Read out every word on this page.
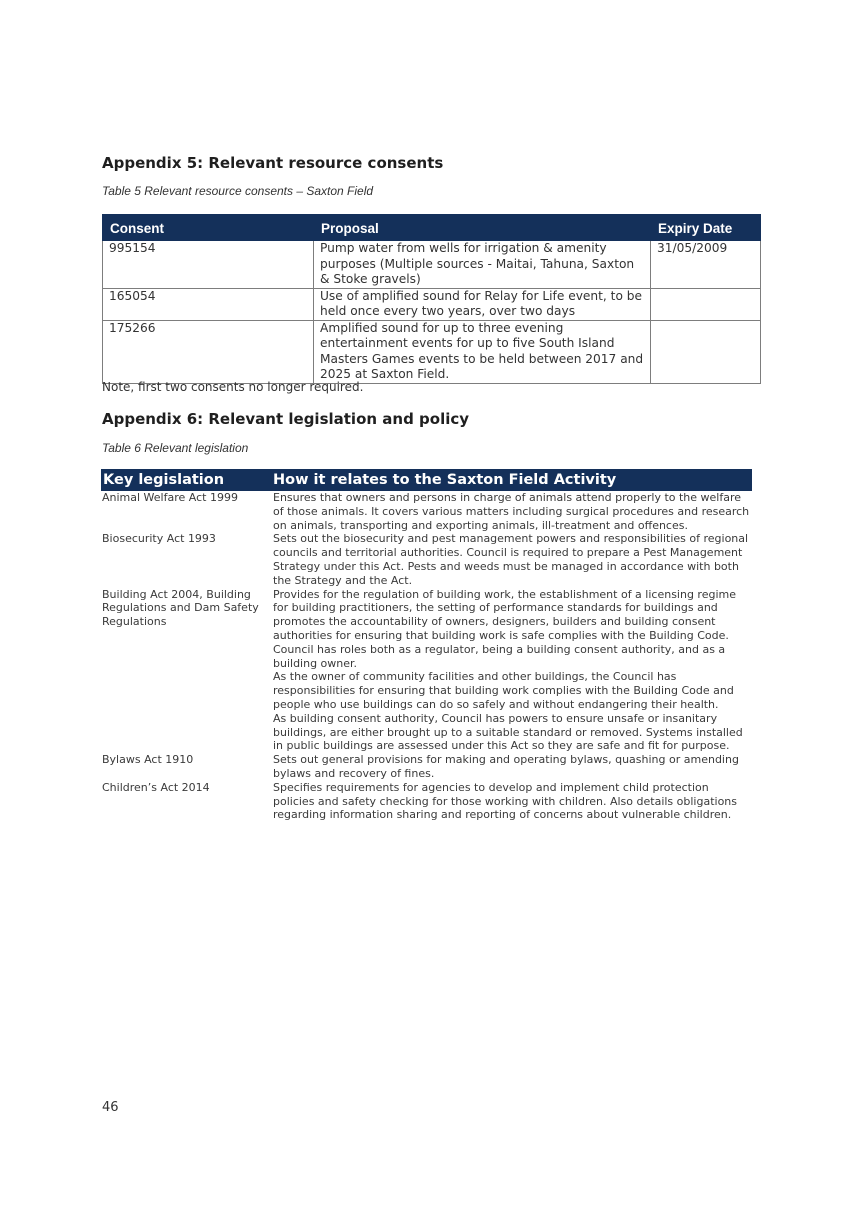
Appendix 5: Relevant resource consents

Table 5 Relevant resource consents – Saxton Field

Consent	Proposal	Expiry Date
995154	Pump water from wells for irrigation & amenity purposes (Multiple sources - Maitai, Tahuna, Saxton & Stoke gravels)	31/05/2009
165054	Use of amplified sound for Relay for Life event, to be held once every two years, over two days	
175266	Amplified sound for up to three evening entertainment events for up to five South Island Masters Games events to be held between 2017 and 2025 at Saxton Field.	

Note, first two consents no longer required.

Appendix 6: Relevant legislation and policy

Table 6 Relevant legislation

Key legislation	How it relates to the Saxton Field Activity
Animal Welfare Act 1999	Ensures that owners and persons in charge of animals attend properly to the welfare of those animals. It covers various matters including surgical procedures and research on animals, transporting and exporting animals, ill-treatment and offences.

Biosecurity Act 1993	Sets out the biosecurity and pest management powers and responsibilities of regional councils and territorial authorities. Council is required to prepare a Pest Management Strategy under this Act. Pests and weeds must be managed in accordance with both the Strategy and the Act.

Building Act 2004, Building Regulations and Dam Safety Regulations	Provides for the regulation of building work, the establishment of a licensing regime for building practitioners, the setting of performance standards for buildings and promotes the accountability of owners, designers, builders and building consent authorities for ensuring that building work is safe complies with the Building Code.

Council has roles both as a regulator, being a building consent authority, and as a building owner.

As the owner of community facilities and other buildings, the Council has responsibilities for ensuring that building work complies with the Building Code and people who use buildings can do so safely and without endangering their health.

As building consent authority, Council has powers to ensure unsafe or insanitary buildings, are either brought up to a suitable standard or removed. Systems installed in public buildings are assessed under this Act so they are safe and fit for purpose.

Bylaws Act 1910	Sets out general provisions for making and operating bylaws, quashing or amending bylaws and recovery of fines.

Children’s Act 2014	Specifies requirements for agencies to develop and implement child protection policies and safety checking for those working with children. Also details obligations regarding information sharing and reporting of concerns about vulnerable children.

46
